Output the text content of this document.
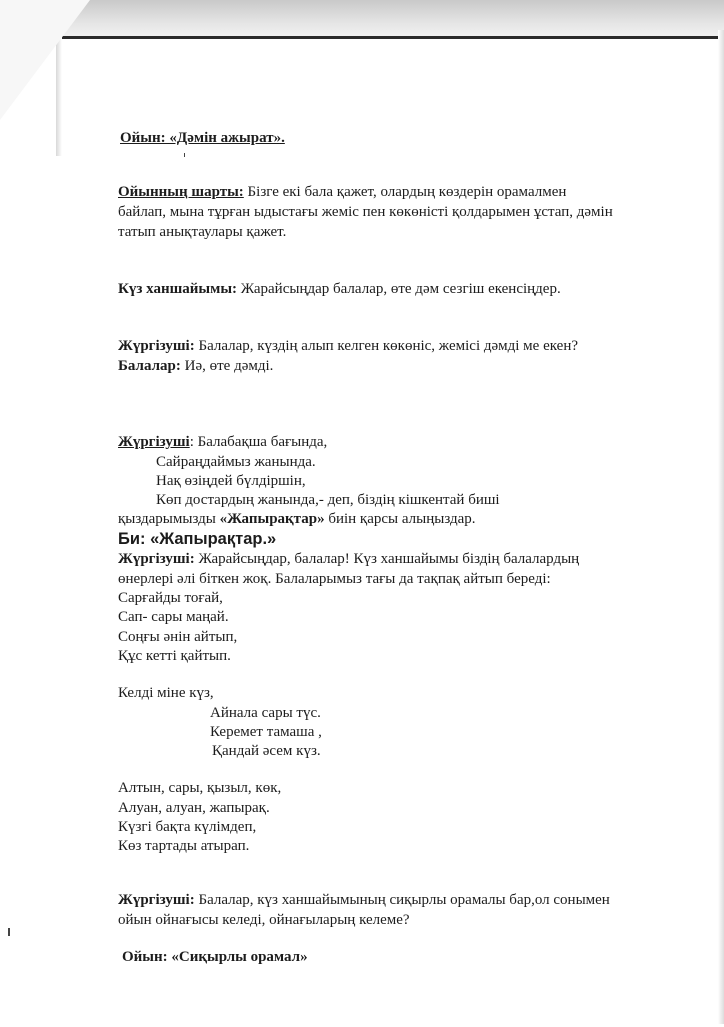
Ойын: «Дәмін ажырат».
Ойынның шарты: Бізге екі бала қажет, олардың көздерін орамалмен
байлап, мына тұрған ыдыстағы жеміс пен көкөністі қолдарымен ұстап, дәмін
татып анықтаулары қажет.
Күз ханшайымы: Жарайсыңдар балалар, өте дәм сезгіш екенсіңдер.
Жүргізуші: Балалар, күздің алып келген көкөніс, жемісі дәмді ме екен?
Балалар: Иә, өте дәмді.
Жүргізуші: Балабақша бағында,
Сайраңдаймыз жанында.
Нақ өзіңдей бүлдіршін,
Көп достардың жанында,- деп, біздің кішкентай биші
қыздарымызды «Жапырақтар» биін қарсы алыңыздар.
Би: «Жапырақтар.»
Жүргізуші: Жарайсыңдар, балалар! Күз ханшайымы біздің балалардың
өнерлері әлі біткен жоқ. Балаларымыз тағы да тақпақ айтып береді:
Сарғайды тоғай,
Сап- сары маңай.
Соңғы әнін айтып,
Құс кетті қайтып.
Келді міне күз,
Айнала сары түс.
Керемет тамаша ,
Қандай әсем күз.
Алтын, сары, қызыл, көк,
Алуан, алуан, жапырақ.
Күзгі бақта күлімдеп,
Көз тартады атырап.
Жүргізуші: Балалар, күз ханшайымының сиқырлы орамалы бар,ол сонымен
ойын ойнағысы келеді, ойнағыларың келеме?
Ойын: «Сиқырлы орамал»
